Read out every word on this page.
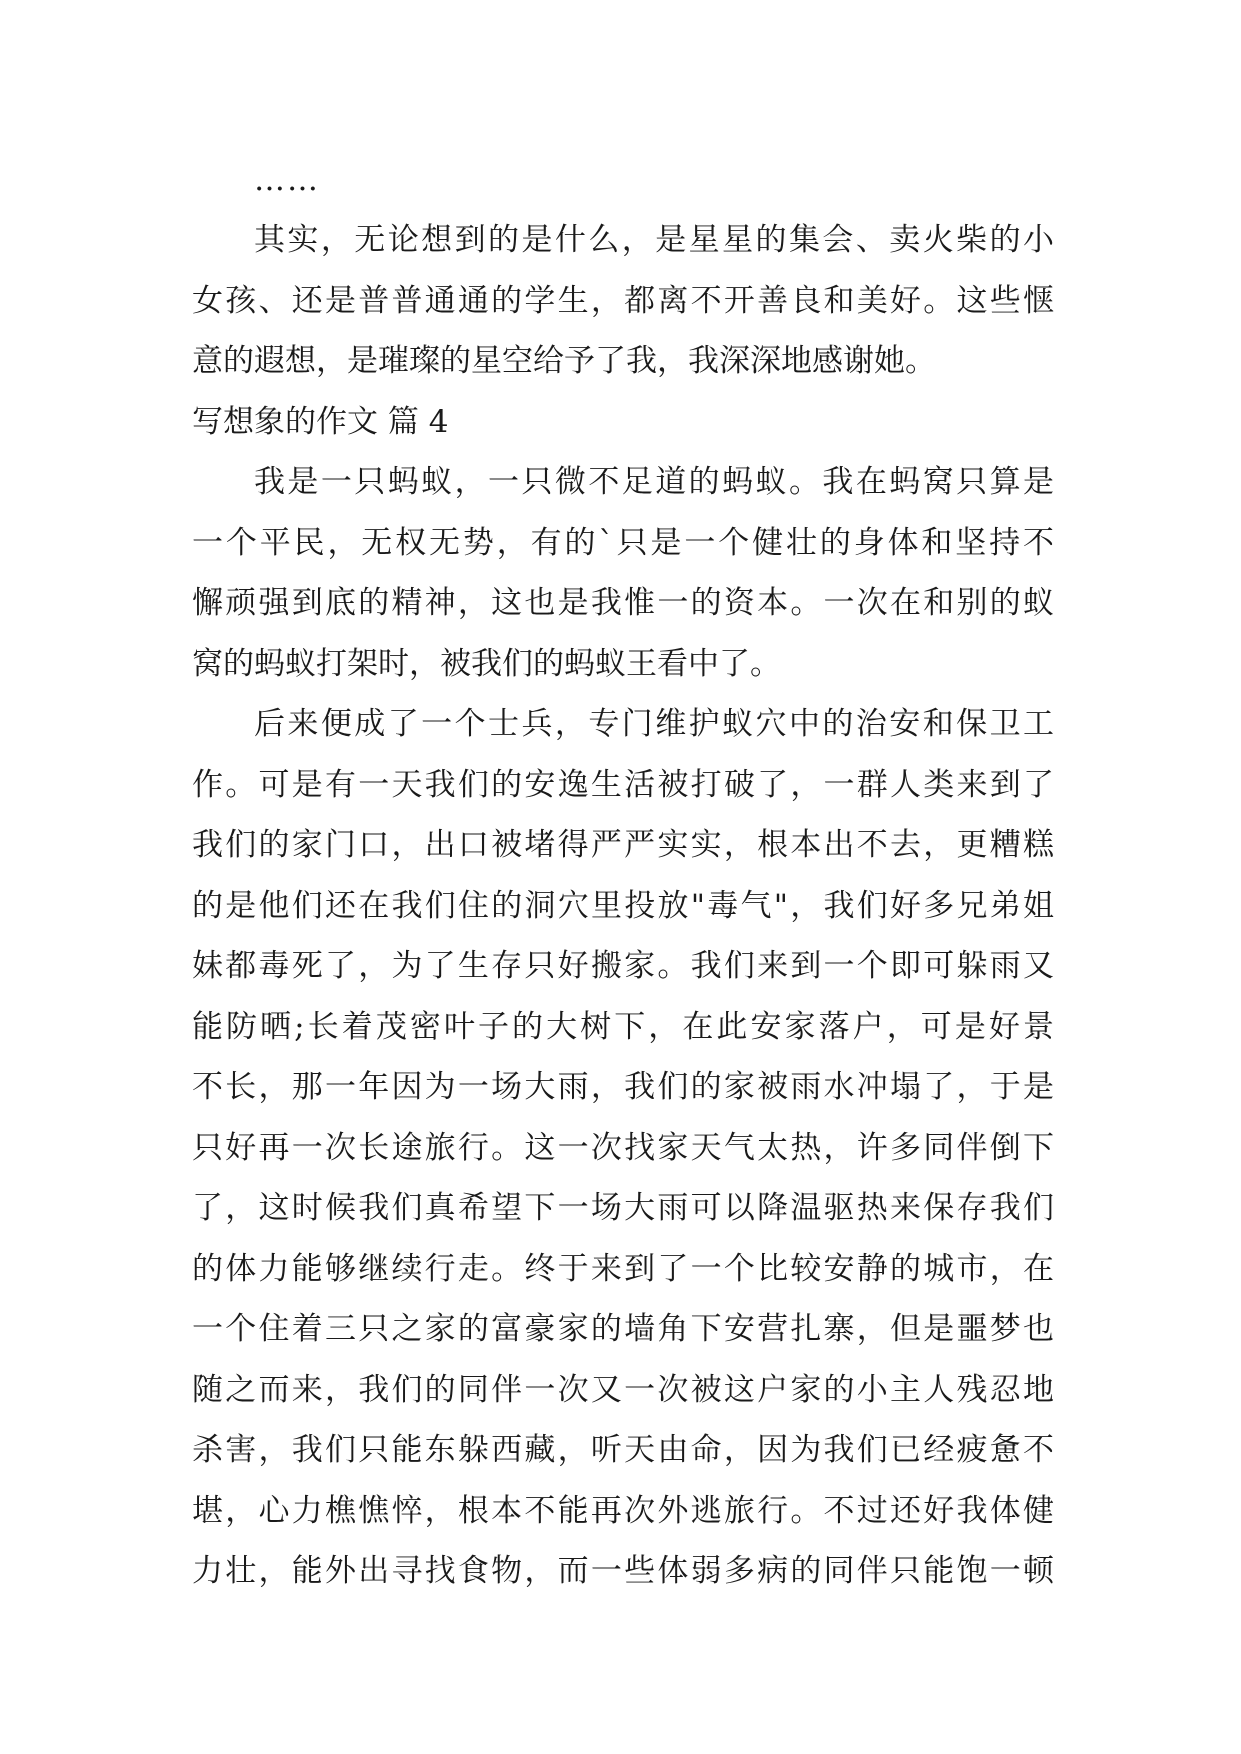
……
其实，无论想到的是什么，是星星的集会、卖火柴的小
女孩、还是普普通通的学生，都离不开善良和美好。这些惬
意的遐想，是璀璨的星空给予了我，我深深地感谢她。
写想象的作文 篇 4
我是一只蚂蚁，一只微不足道的蚂蚁。我在蚂窝只算是
一个平民，无权无势，有的`只是一个健壮的身体和坚持不
懈顽强到底的精神，这也是我惟一的资本。一次在和别的蚁
窝的蚂蚁打架时，被我们的蚂蚁王看中了。
后来便成了一个士兵，专门维护蚁穴中的治安和保卫工
作。可是有一天我们的安逸生活被打破了，一群人类来到了
我们的家门口，出口被堵得严严实实，根本出不去，更糟糕
的是他们还在我们住的洞穴里投放"毒气"，我们好多兄弟姐
妹都毒死了，为了生存只好搬家。我们来到一个即可躲雨又
能防晒;长着茂密叶子的大树下，在此安家落户，可是好景
不长，那一年因为一场大雨，我们的家被雨水冲塌了，于是
只好再一次长途旅行。这一次找家天气太热，许多同伴倒下
了，这时候我们真希望下一场大雨可以降温驱热来保存我们
的体力能够继续行走。终于来到了一个比较安静的城市，在
一个住着三只之家的富豪家的墙角下安营扎寨，但是噩梦也
随之而来，我们的同伴一次又一次被这户家的小主人残忍地
杀害，我们只能东躲西藏，听天由命，因为我们已经疲惫不
堪，心力樵憔悴，根本不能再次外逃旅行。不过还好我体健
力壮，能外出寻找食物，而一些体弱多病的同伴只能饱一顿
